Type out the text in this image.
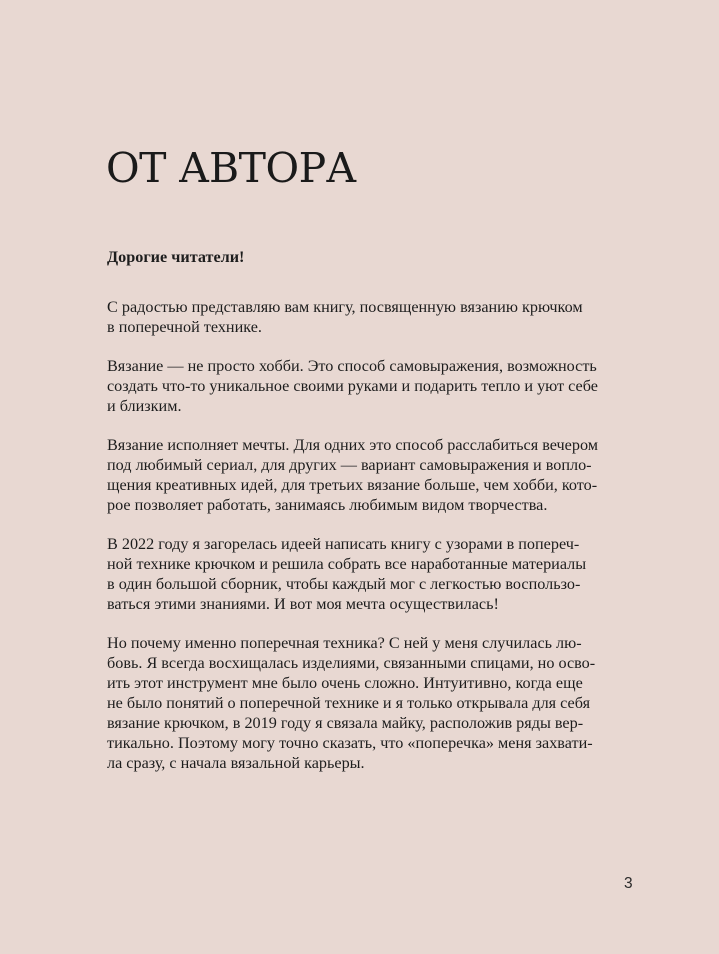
ОТ АВТОРА

Дорогие читатели!

С радостью представляю вам книгу, посвященную вязанию крючком
в поперечной технике.

Вязание — не просто хобби. Это способ самовыражения, возможность
создать что-то уникальное своими руками и подарить тепло и уют себе
и близким.

Вязание исполняет мечты. Для одних это способ расслабиться вечером
под любимый сериал, для других — вариант самовыражения и вопло-
щения креативных идей, для третьих вязание больше, чем хобби, кото-
рое позволяет работать, занимаясь любимым видом творчества.

В 2022 году я загорелась идеей написать книгу с узорами в попереч-
ной технике крючком и решила собрать все наработанные материалы
в один большой сборник, чтобы каждый мог с легкостью воспользо-
ваться этими знаниями. И вот моя мечта осуществилась!

Но почему именно поперечная техника? С ней у меня случилась лю-
бовь. Я всегда восхищалась изделиями, связанными спицами, но осво-
ить этот инструмент мне было очень сложно. Интуитивно, когда еще
не было понятий о поперечной технике и я только открывала для себя
вязание крючком, в 2019 году я связала майку, расположив ряды вер-
тикально. Поэтому могу точно сказать, что «поперечка» меня захвати-
ла сразу, с начала вязальной карьеры.

3
